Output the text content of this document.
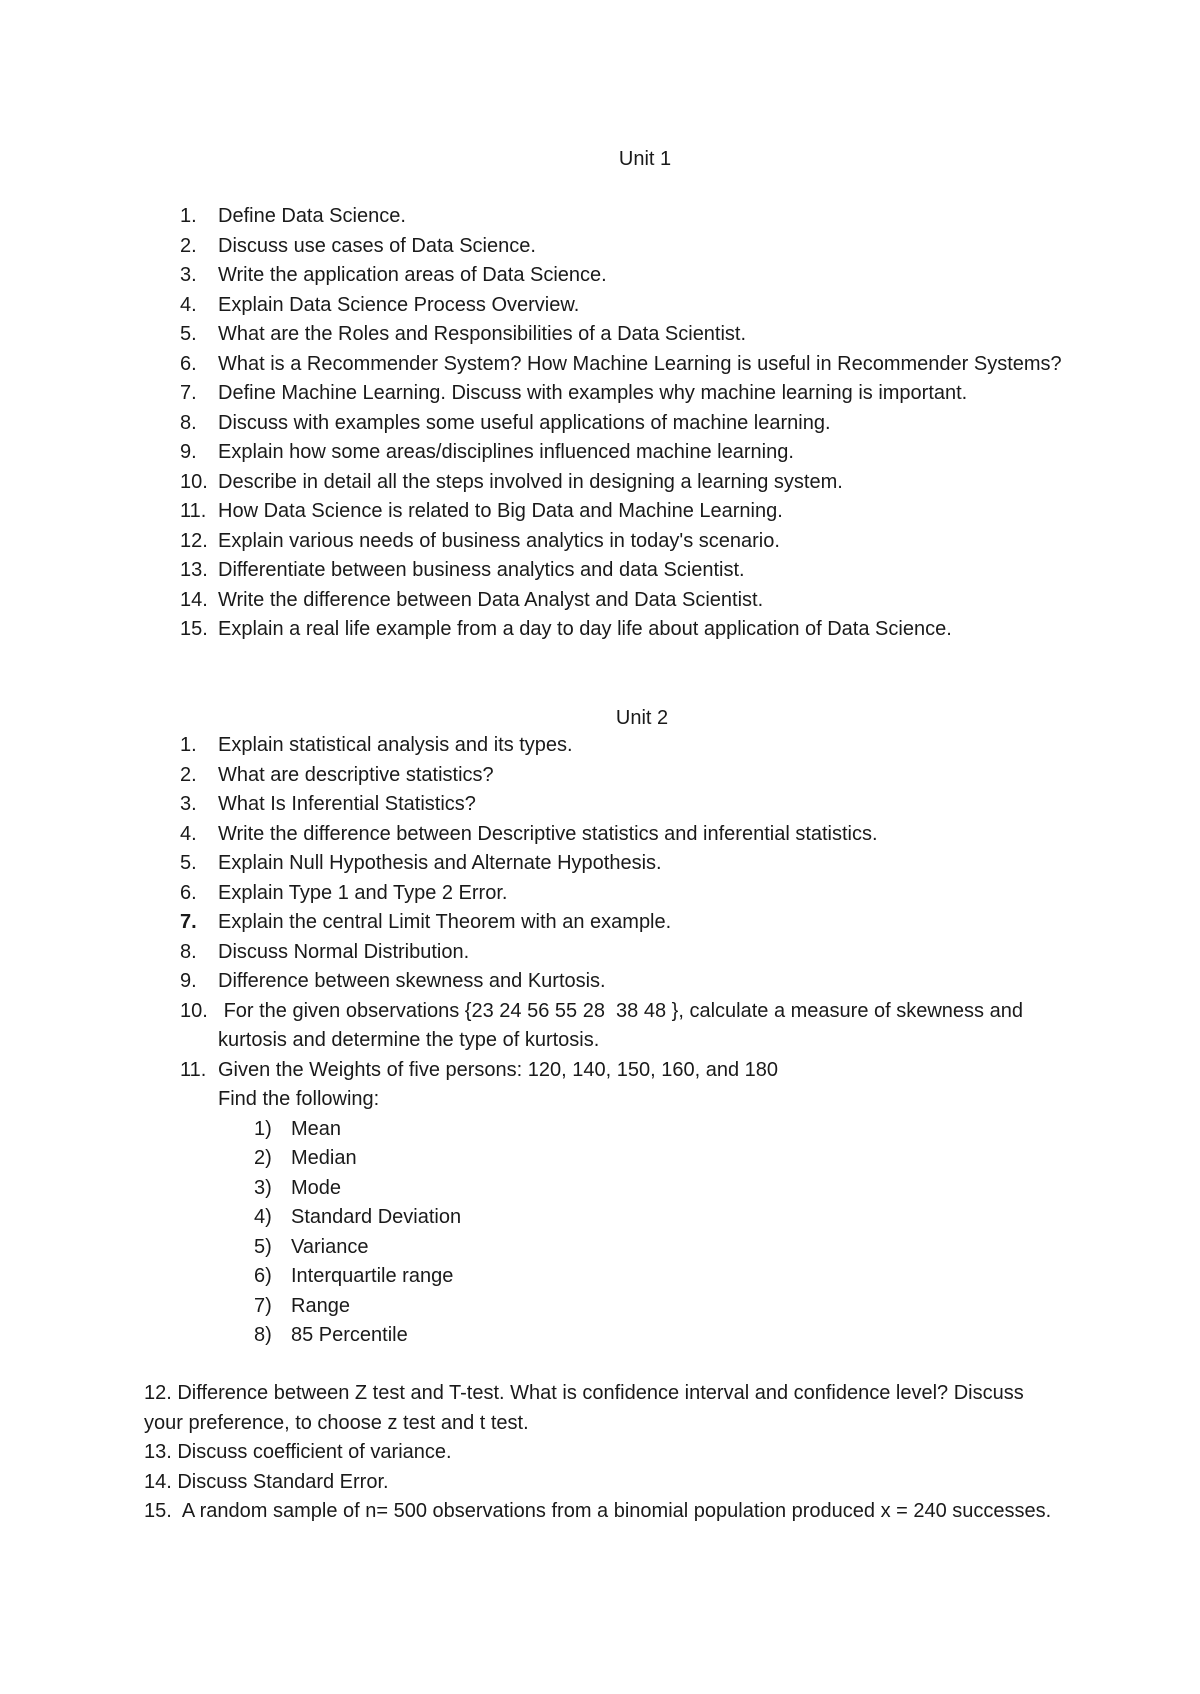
Unit 1
1.	Define Data Science.
2.	Discuss use cases of Data Science.
3.	Write the application areas of Data Science.
4.	Explain Data Science Process Overview.
5.	What are the Roles and Responsibilities of a Data Scientist.
6.	What is a Recommender System? How Machine Learning is useful in Recommender Systems?
7.	Define Machine Learning. Discuss with examples why machine learning is important.
8.	Discuss with examples some useful applications of machine learning.
9.	Explain how some areas/disciplines influenced machine learning.
10. Describe in detail all the steps involved in designing a learning system.
11. How Data Science is related to Big Data and Machine Learning.
12. Explain various needs of business analytics in today's scenario.
13. Differentiate between business analytics and data Scientist.
14. Write the difference between Data Analyst and Data Scientist.
15. Explain a real life example from a day to day life about application of Data Science.
Unit 2
1.	Explain statistical analysis and its types.
2.	What are descriptive statistics?
3.	What Is Inferential Statistics?
4.	Write the difference between Descriptive statistics and inferential statistics.
5.	Explain Null Hypothesis and Alternate Hypothesis.
6.	Explain Type 1 and Type 2 Error.
7.	Explain the central Limit Theorem with an example.
8.	Discuss Normal Distribution.
9.	Difference between skewness and Kurtosis.
10. For the given observations {23 24 56 55 28  38 48 }, calculate a measure of skewness and kurtosis and determine the type of kurtosis.
11. Given the Weights of five persons: 120, 140, 150, 160, and 180
Find the following:
1) Mean
2) Median
3) Mode
4) Standard Deviation
5) Variance
6) Interquartile range
7) Range
8) 85 Percentile

12. Difference between Z test and T-test. What is confidence interval and confidence level? Discuss your preference, to choose z test and t test.

13. Discuss coefficient of variance.

14. Discuss Standard Error.

15.  A random sample of n= 500 observations from a binomial population produced x = 240 successes.
